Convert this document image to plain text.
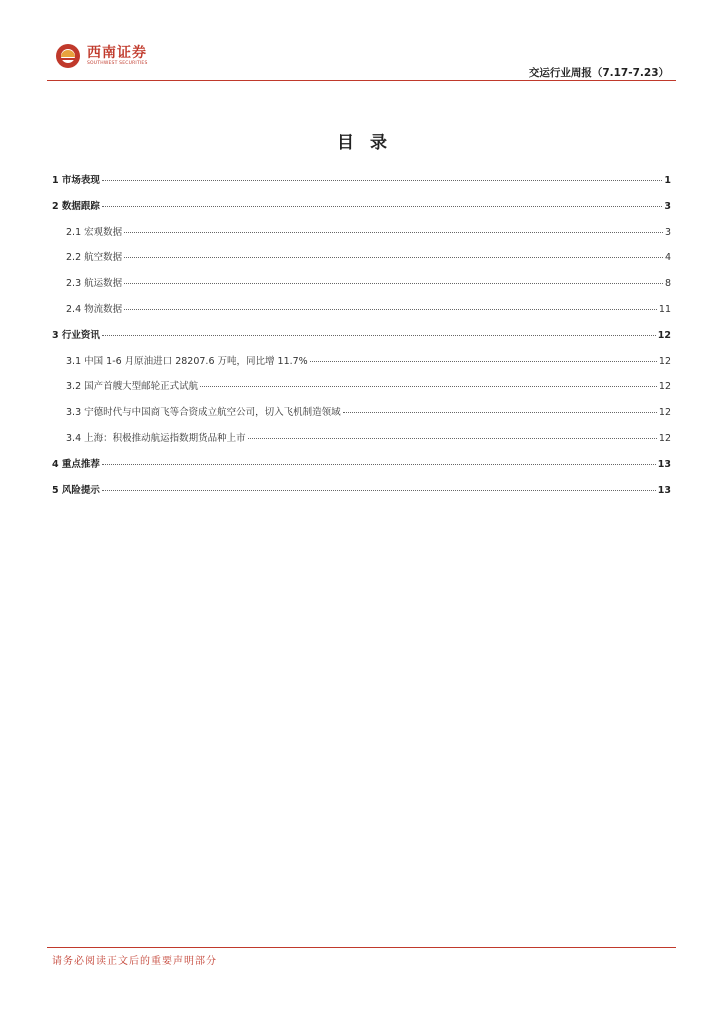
西南证券
SOUTHWEST SECURITIES
交运行业周报（7.17-7.23）
目录
1 市场表现	1
2 数据跟踪	3
2.1 宏观数据	3
2.2 航空数据	4
2.3 航运数据	8
2.4 物流数据	11
3 行业资讯	12
3.1 中国 1-6 月原油进口 28207.6 万吨，同比增 11.7%	12
3.2 国产首艘大型邮轮正式试航	12
3.3 宁德时代与中国商飞等合资成立航空公司，切入飞机制造领域	12
3.4 上海：积极推动航运指数期货品种上市	12
4 重点推荐	13
5 风险提示	13
请务必阅读正文后的重要声明部分
